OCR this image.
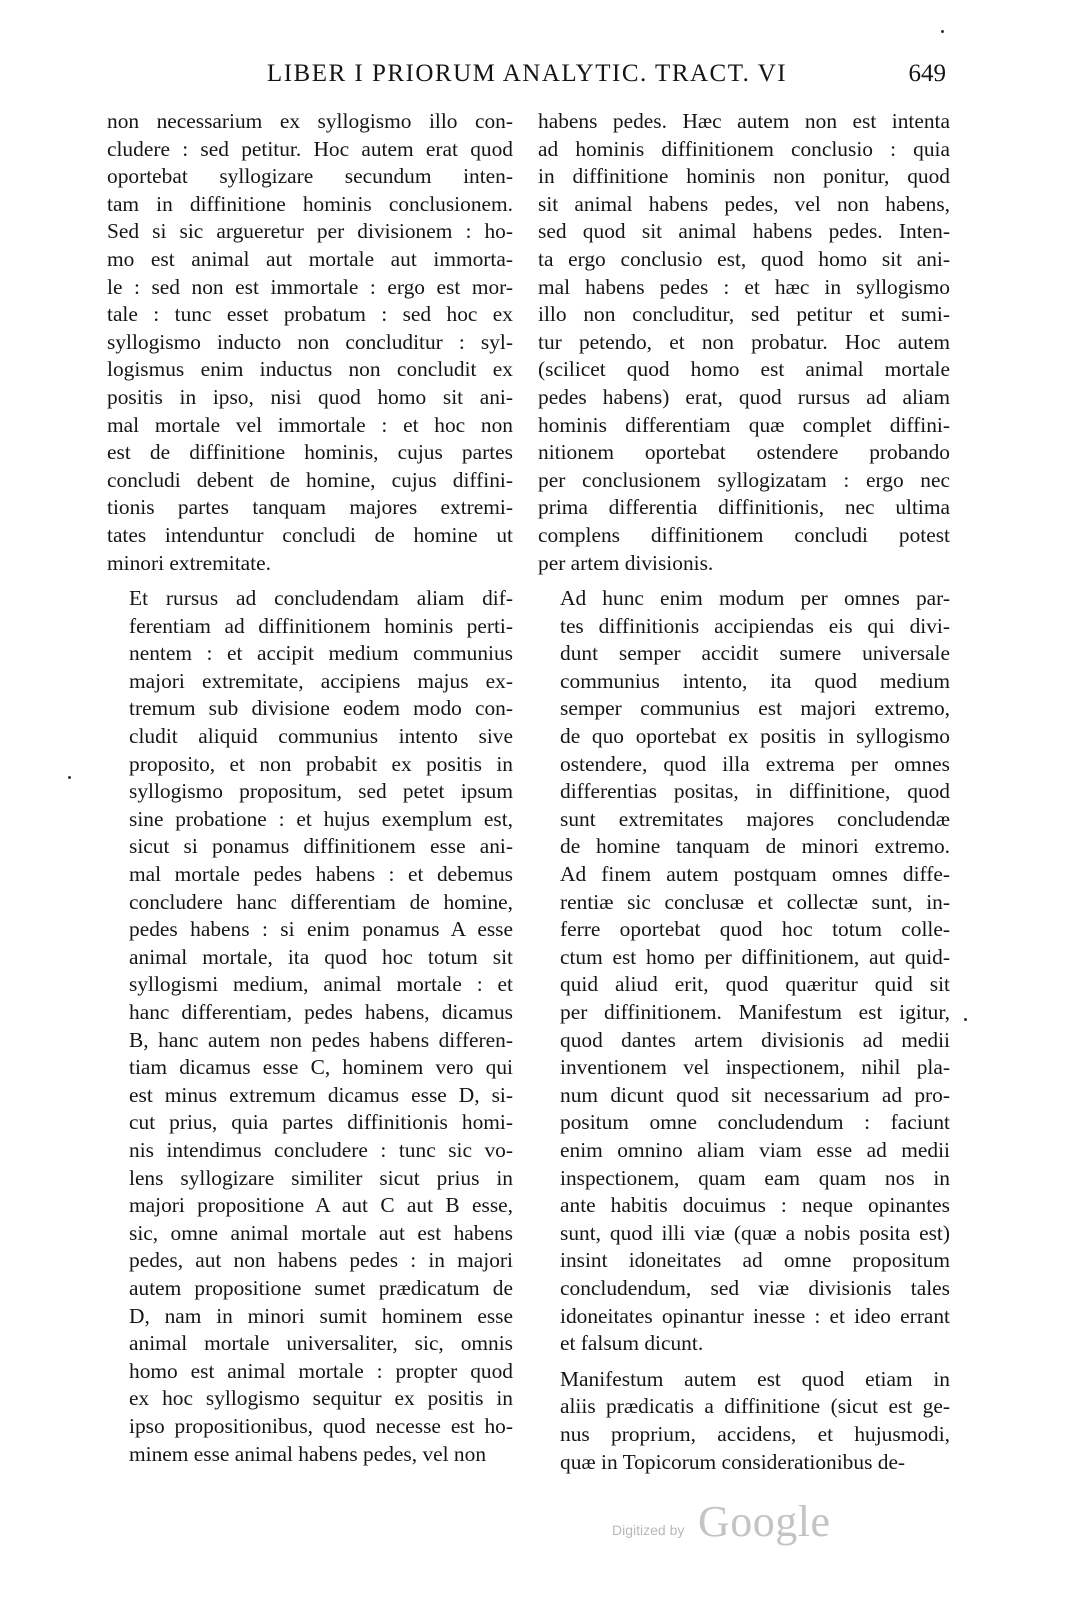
LIBER I PRIORUM ANALYTIC. TRACT. VI	649

non necessarium ex syllogismo illo con-
cludere : sed petitur. Hoc autem erat quod
oportebat syllogizare secundum inten-
tam in diffinitione hominis conclusionem.
Sed si sic argueretur per divisionem : ho-
mo est animal aut mortale aut immorta-
le : sed non est immortale : ergo est mor-
tale : tunc esset probatum : sed hoc ex
syllogismo inducto non concluditur : syl-
logismus enim inductus non concludit ex
positis in ipso, nisi quod homo sit ani-
mal mortale vel immortale : et hoc non
est de diffinitione hominis, cujus partes
concludi debent de homine, cujus diffini-
tionis partes tanquam majores extremi-
tates intenduntur concludi de homine ut
minori extremitate.

Et rursus ad concludendam aliam dif-
ferentiam ad diffinitionem hominis perti-
nentem : et accipit medium communius
majori extremitate, accipiens majus ex-
tremum sub divisione eodem modo con-
cludit aliquid communius intento sive
proposito, et non probabit ex positis in
syllogismo propositum, sed petet ipsum
sine probatione : et hujus exemplum est,
sicut si ponamus diffinitionem esse ani-
mal mortale pedes habens : et debemus
concludere hanc differentiam de homine,
pedes habens : si enim ponamus A esse
animal mortale, ita quod hoc totum sit
syllogismi medium, animal mortale : et
hanc differentiam, pedes habens, dicamus
B, hanc autem non pedes habens differen-
tiam dicamus esse C, hominem vero qui
est minus extremum dicamus esse D, si-
cut prius, quia partes diffinitionis homi-
nis intendimus concludere : tunc sic vo-
lens syllogizare similiter sicut prius in
majori propositione A aut C aut B esse,
sic, omne animal mortale aut est habens
pedes, aut non habens pedes : in majori
autem propositione sumet prædicatum de
D, nam in minori sumit hominem esse
animal mortale universaliter, sic, omnis
homo est animal mortale : propter quod
ex hoc syllogismo sequitur ex positis in
ipso propositionibus, quod necesse est ho-
minem esse animal habens pedes, vel non

habens pedes. Hæc autem non est intenta
ad hominis diffinitionem conclusio : quia
in diffinitione hominis non ponitur, quod
sit animal habens pedes, vel non habens,
sed quod sit animal habens pedes. Inten-
ta ergo conclusio est, quod homo sit ani-
mal habens pedes : et hæc in syllogismo
illo non concluditur, sed petitur et sumi-
tur petendo, et non probatur. Hoc autem
(scilicet quod homo est animal mortale
pedes habens) erat, quod rursus ad aliam
hominis differentiam quæ complet diffini-
nitionem oportebat ostendere probando
per conclusionem syllogizatam : ergo nec
prima differentia diffinitionis, nec ultima
complens diffinitionem concludi potest
per artem divisionis.

Ad hunc enim modum per omnes par-
tes diffinitionis accipiendas eis qui divi-
dunt semper accidit sumere universale
communius intento, ita quod medium
semper communius est majori extremo,
de quo oportebat ex positis in syllogismo
ostendere, quod illa extrema per omnes
differentias positas, in diffinitione, quod
sunt extremitates majores concludendæ
de homine tanquam de minori extremo.
Ad finem autem postquam omnes diffe-
rentiæ sic conclusæ et collectæ sunt, in-
ferre oportebat quod hoc totum colle-
ctum est homo per diffinitionem, aut quid-
quid aliud erit, quod quæritur quid sit
per diffinitionem. Manifestum est igitur,
quod dantes artem divisionis ad medii
inventionem vel inspectionem, nihil pla-
num dicunt quod sit necessarium ad pro-
positum omne concludendum : faciunt
enim omnino aliam viam esse ad medii
inspectionem, quam eam quam nos in
ante habitis docuimus : neque opinantes
sunt, quod illi viæ (quæ a nobis posita est)
insint idoneitates ad omne propositum
concludendum, sed viæ divisionis tales
idoneitates opinantur inesse : et ideo errant
et falsum dicunt.

Manifestum autem est quod etiam in
aliis prædicatis a diffinitione (sicut est ge-
nus proprium, accidens, et hujusmodi,
quæ in Topicorum considerationibus de-

Digitized by Google
